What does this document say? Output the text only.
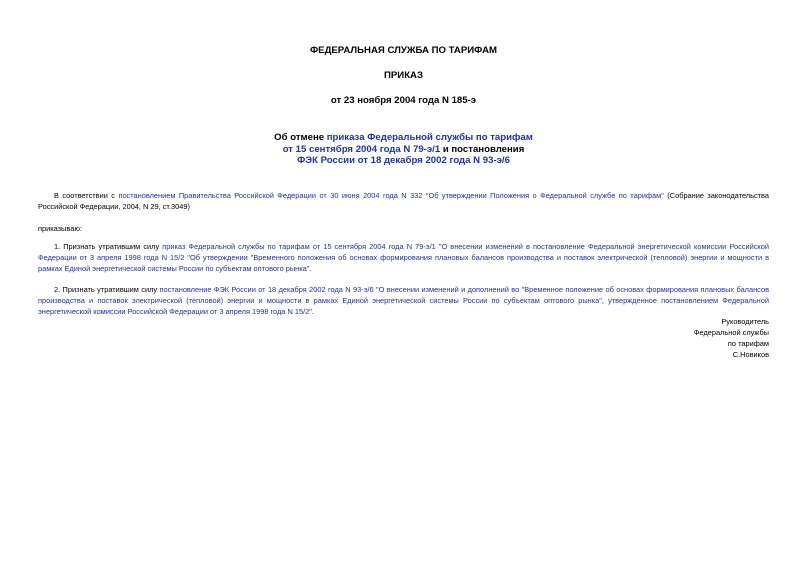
ФЕДЕРАЛЬНАЯ СЛУЖБА ПО ТАРИФАМ
ПРИКАЗ
от 23 ноября 2004 года N 185-э
Об отмене приказа Федеральной службы по тарифам
от 15 сентября 2004 года N 79-э/1 и постановления
ФЭК России от 18 декабря 2002 года N 93-э/6

В соответствии с постановлением Правительства Российской Федерации от 30 июня 2004 года N 332 "Об утверждении Положения о Федеральной службе по тарифам" (Собрание законодательства Российской Федерации, 2004, N 29, ст.3049)

приказываю:

1. Признать утратившим силу приказ Федеральной службы по тарифам от 15 сентября 2004 года N 79-э/1 "О внесении изменений в постановление Федеральной энергетической комиссии Российской Федерации от 3 апреля 1998 года N 15/2 "Об утверждении "Временного положения об основах формирования плановых балансов производства и поставок электрической (тепловой) энергии и мощности в рамках Единой энергетической системы России по субъектам оптового рынка".

2. Признать утратившим силу постановление ФЭК России от 18 декабря 2002 года N 93-э/6 "О внесении изменений и дополнений во "Временное положение об основах формирования плановых балансов производства и поставок электрической (тепловой) энергии и мощности в рамках Единой энергетической системы России по субъектам оптового рынка", утвержденное постановлением Федеральной энергетической комиссии Российской Федерации от 3 апреля 1998 года N 15/2".

Руководитель
Федеральной службы
по тарифам
С.Новиков
